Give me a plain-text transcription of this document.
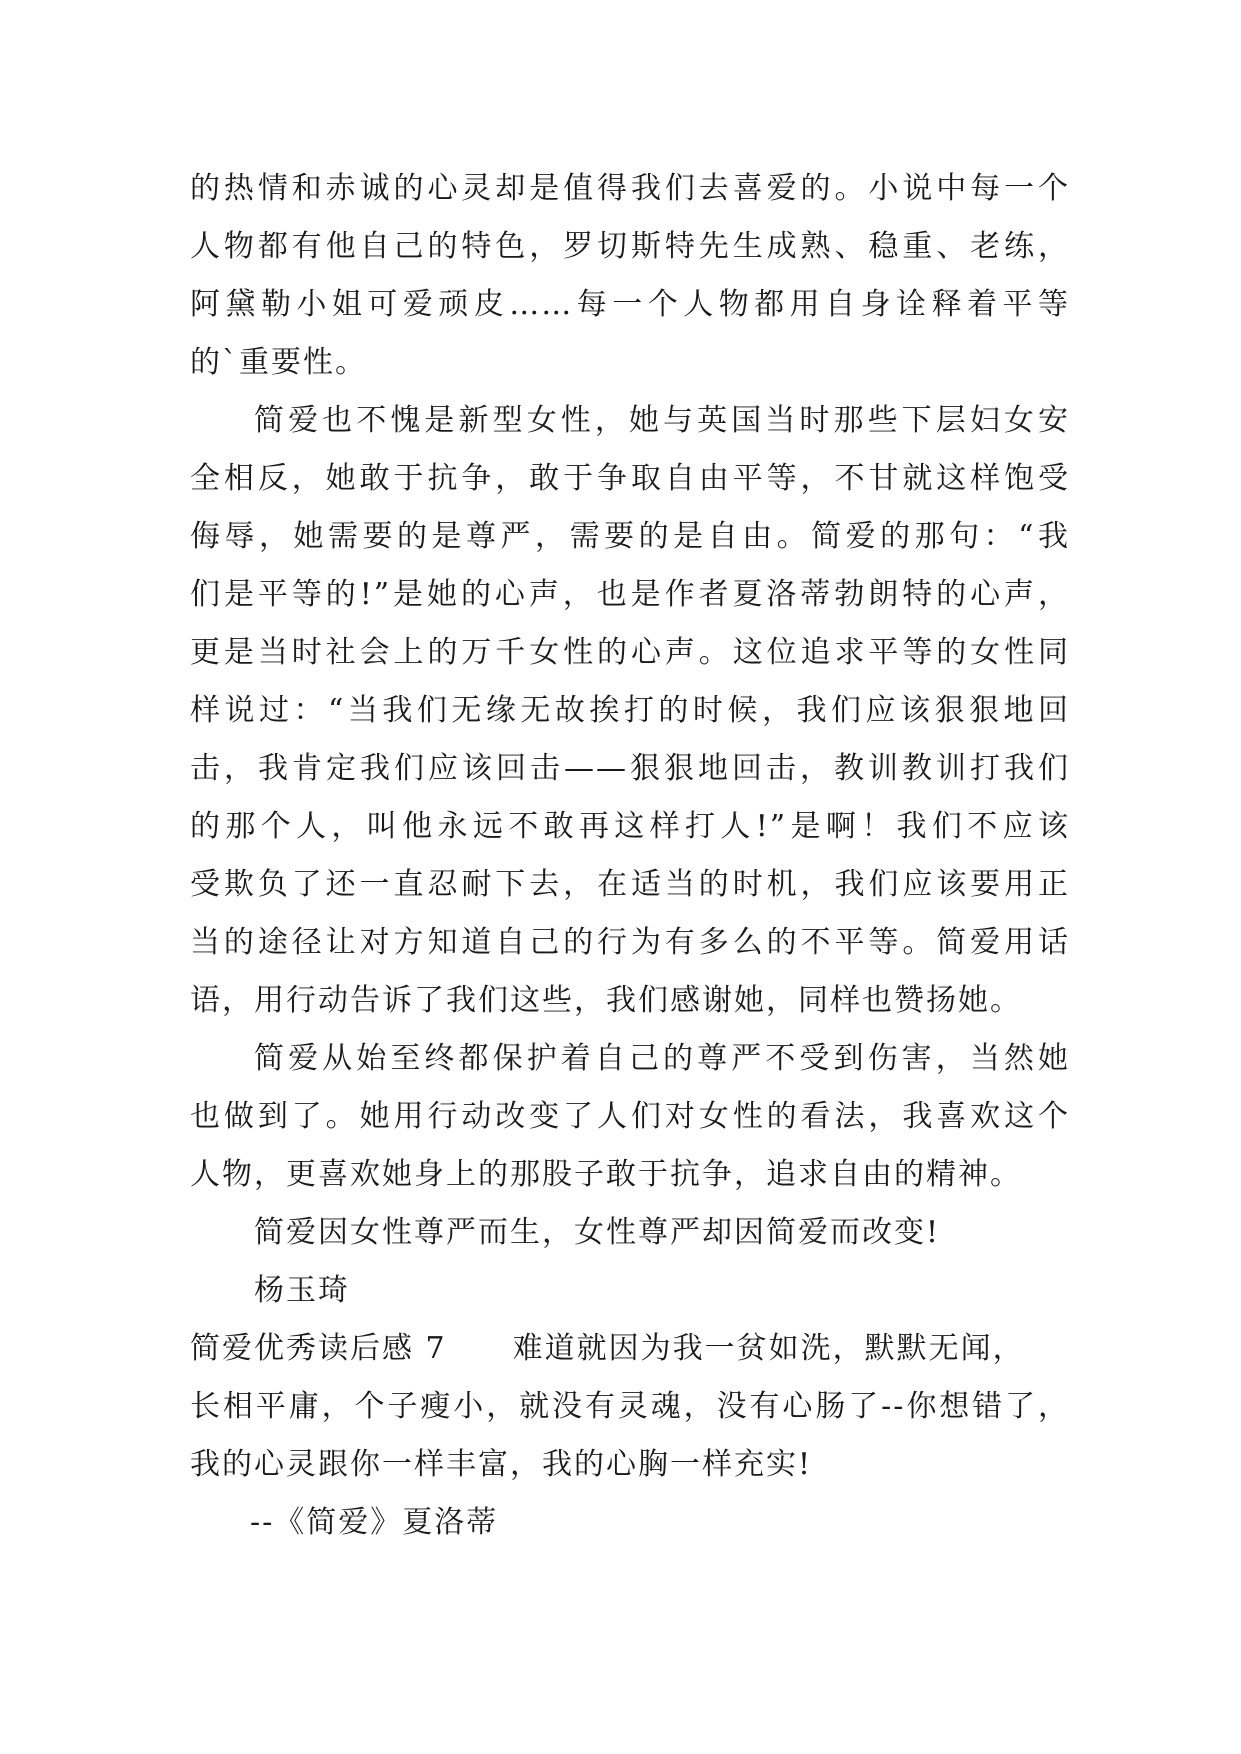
的热情和赤诚的心灵却是值得我们去喜爱的。小说中每一个
人物都有他自己的特色，罗切斯特先生成熟、稳重、老练，
阿黛勒小姐可爱顽皮……每一个人物都用自身诠释着平等
的`重要性。
简爱也不愧是新型女性，她与英国当时那些下层妇女安
全相反，她敢于抗争，敢于争取自由平等，不甘就这样饱受
侮辱，她需要的是尊严，需要的是自由。简爱的那句：“我
们是平等的!”是她的心声，也是作者夏洛蒂勃朗特的心声，
更是当时社会上的万千女性的心声。这位追求平等的女性同
样说过：“当我们无缘无故挨打的时候，我们应该狠狠地回
击，我肯定我们应该回击——狠狠地回击，教训教训打我们
的那个人，叫他永远不敢再这样打人!”是啊！我们不应该
受欺负了还一直忍耐下去，在适当的时机，我们应该要用正
当的途径让对方知道自己的行为有多么的不平等。简爱用话
语，用行动告诉了我们这些，我们感谢她，同样也赞扬她。
简爱从始至终都保护着自己的尊严不受到伤害，当然她
也做到了。她用行动改变了人们对女性的看法，我喜欢这个
人物，更喜欢她身上的那股子敢于抗争，追求自由的精神。
简爱因女性尊严而生，女性尊严却因简爱而改变!
杨玉琦
简爱优秀读后感 7 难道就因为我一贫如洗，默默无闻，
长相平庸，个子瘦小，就没有灵魂，没有心肠了--你想错了，
我的心灵跟你一样丰富，我的心胸一样充实!
--《简爱》夏洛蒂
